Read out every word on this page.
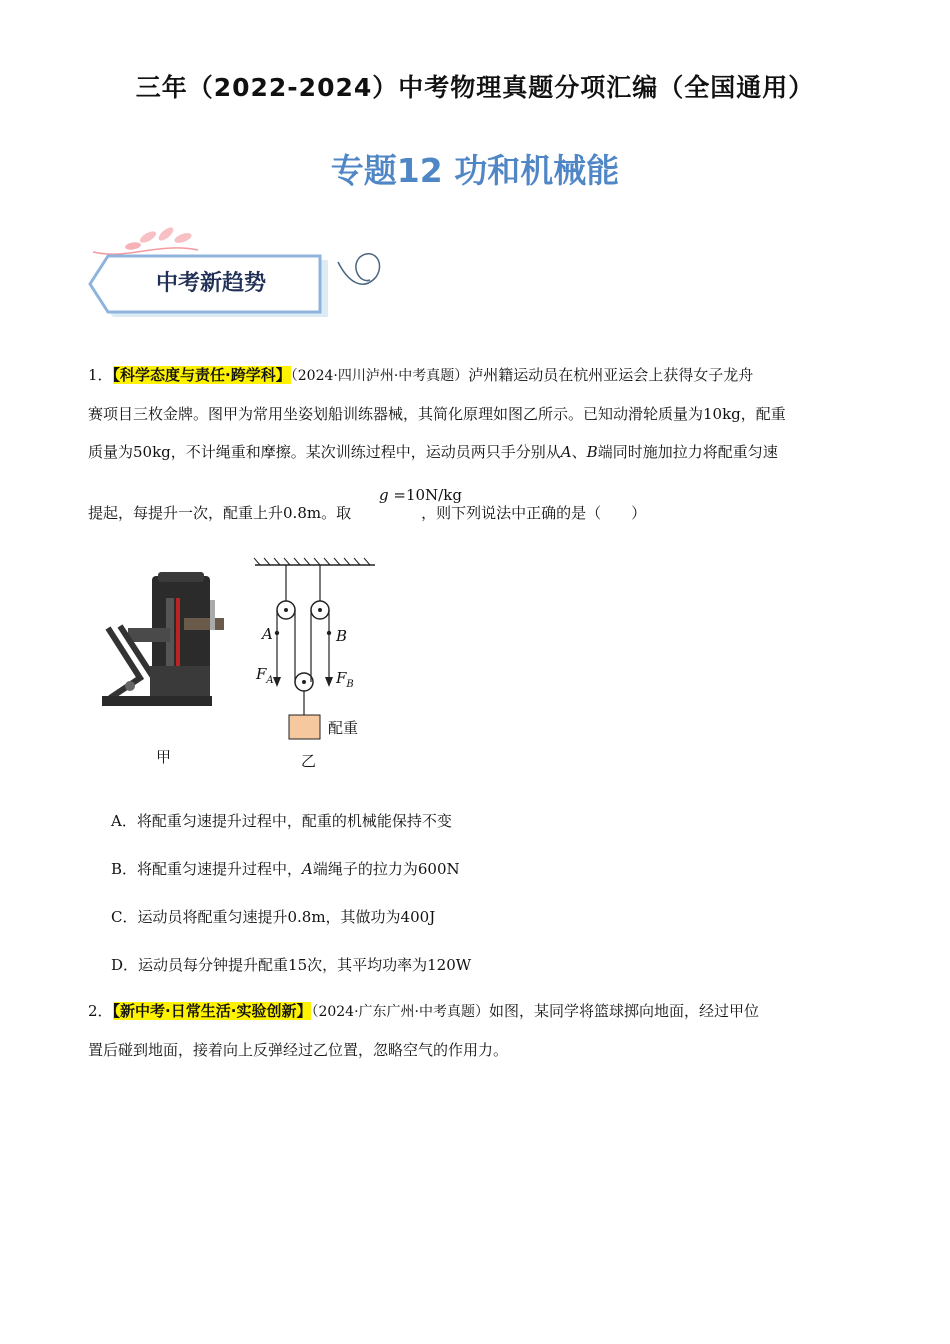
三年（2022-2024）中考物理真题分项汇编（全国通用）
专题12 功和机械能
中考新趋势
1．【科学态度与责任·跨学科】（2024·四川泸州·中考真题）泸州籍运动员在杭州亚运会上获得女子龙舟
赛项目三枚金牌。图甲为常用坐姿划船训练器械，其简化原理如图乙所示。已知动滑轮质量为10kg，配重
质量为50kg，不计绳重和摩擦。某次训练过程中，运动员两只手分别从A、B端同时施加拉力将配重匀速
g =10N/kg
提起，每提升一次，配重上升0.8m。取	，则下列说法中正确的是（　　）
甲
A	B
$F_A$	$F_B$
配重
乙
A．将配重匀速提升过程中，配重的机械能保持不变
B．将配重匀速提升过程中，A端绳子的拉力为600N
C．运动员将配重匀速提升0.8m，其做功为400J
D．运动员每分钟提升配重15次，其平均功率为120W
2．【新中考·日常生活·实验创新】（2024·广东广州·中考真题）如图，某同学将篮球掷向地面，经过甲位
置后碰到地面，接着向上反弹经过乙位置，忽略空气的作用力。
